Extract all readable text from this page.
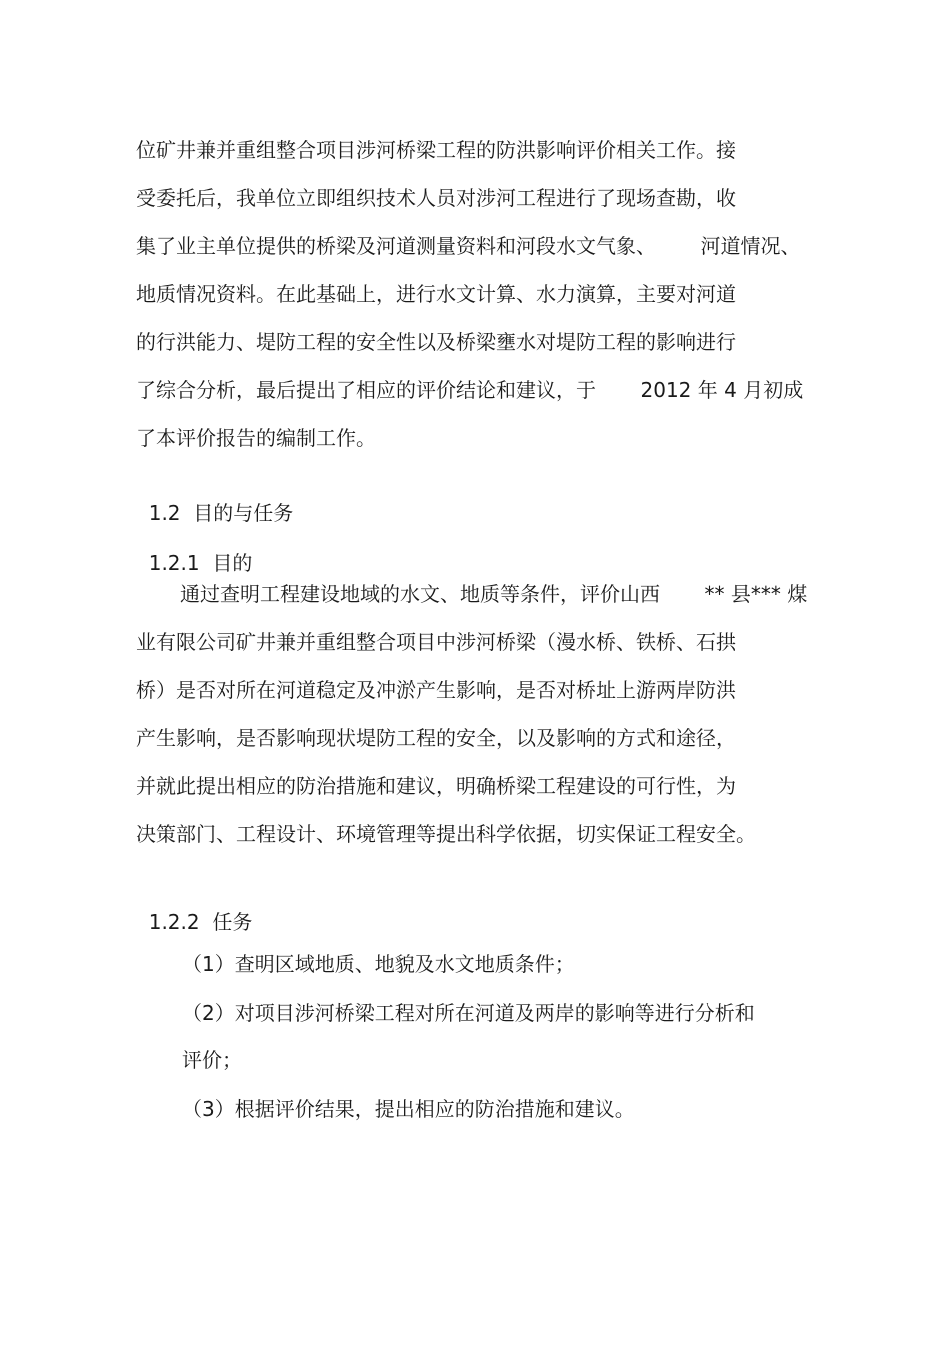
位矿井兼并重组整合项目涉河桥梁工程的防洪影响评价相关工作。接
受委托后，我单位立即组织技术人员对涉河工程进行了现场查勘，收
集了业主单位提供的桥梁及河道测量资料和河段水文气象、       河道情况、
地质情况资料。在此基础上，进行水文计算、水力演算，主要对河道
的行洪能力、堤防工程的安全性以及桥梁壅水对堤防工程的影响进行
了综合分析，最后提出了相应的评价结论和建议，于       2012 年 4 月初成
了本评价报告的编制工作。

1.2 目的与任务

1.2.1 目的

通过查明工程建设地域的水文、地质等条件，评价山西       ** 县*** 煤
业有限公司矿井兼并重组整合项目中涉河桥梁（漫水桥、铁桥、石拱
桥）是否对所在河道稳定及冲淤产生影响，是否对桥址上游两岸防洪
产生影响，是否影响现状堤防工程的安全，以及影响的方式和途径，
并就此提出相应的防治措施和建议，明确桥梁工程建设的可行性，为
决策部门、工程设计、环境管理等提出科学依据，切实保证工程安全。

1.2.2 任务

（1）查明区域地质、地貌及水文地质条件；
（2）对项目涉河桥梁工程对所在河道及两岸的影响等进行分析和
评价；
（3）根据评价结果，提出相应的防治措施和建议。
